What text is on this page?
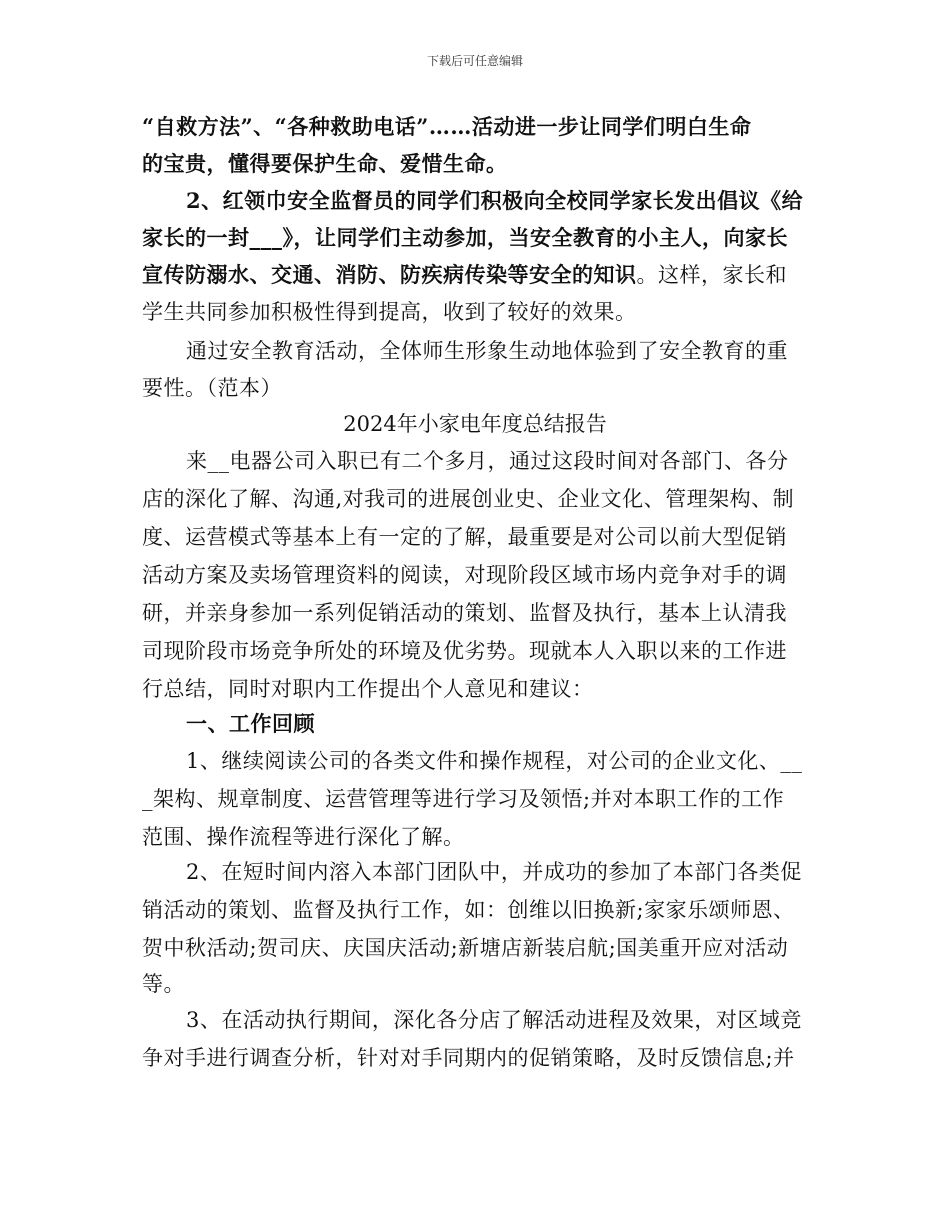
下载后可任意编辑
“自救方法”、“各种救助电话”……活动进一步让同学们明白生命
的宝贵，懂得要保护生命、爱惜生命。
2、红领巾安全监督员的同学们积极向全校同学家长发出倡议《给
家长的一封___》，让同学们主动参加，当安全教育的小主人，向家长
宣传防溺水、交通、消防、防疾病传染等安全的知识。这样，家长和
学生共同参加积极性得到提高，收到了较好的效果。
通过安全教育活动，全体师生形象生动地体验到了安全教育的重
要性。（范本）
2024年小家电年度总结报告
来__电器公司入职已有二个多月，通过这段时间对各部门、各分
店的深化了解、沟通,对我司的进展创业史、企业文化、管理架构、制
度、运营模式等基本上有一定的了解，最重要是对公司以前大型促销
活动方案及卖场管理资料的阅读，对现阶段区域市场内竞争对手的调
研，并亲身参加一系列促销活动的策划、监督及执行，基本上认清我
司现阶段市场竞争所处的环境及优劣势。现就本人入职以来的工作进
行总结，同时对职内工作提出个人意见和建议：
一、工作回顾
1、继续阅读公司的各类文件和操作规程，对公司的企业文化、__
_架构、规章制度、运营管理等进行学习及领悟;并对本职工作的工作
范围、操作流程等进行深化了解。
2、在短时间内溶入本部门团队中，并成功的参加了本部门各类促
销活动的策划、监督及执行工作，如：创维以旧换新;家家乐颂师恩、
贺中秋活动;贺司庆、庆国庆活动;新塘店新装启航;国美重开应对活动
等。
3、在活动执行期间，深化各分店了解活动进程及效果，对区域竞
争对手进行调查分析，针对对手同期内的促销策略，及时反馈信息;并
